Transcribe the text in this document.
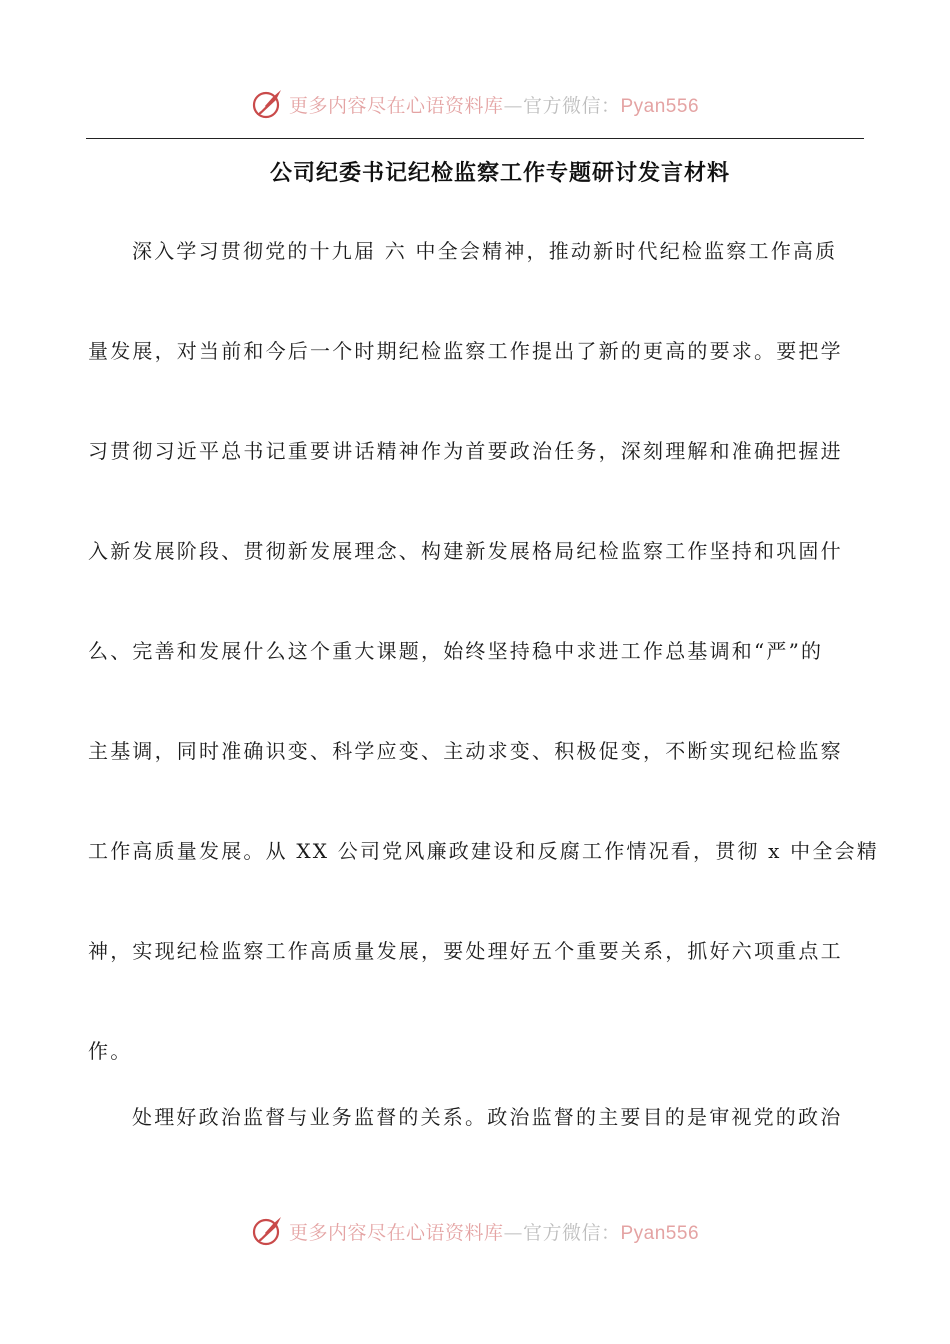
更多内容尽在心语资料库—官方微信：Pyan556
公司纪委书记纪检监察工作专题研讨发言材料
深入学习贯彻党的十九届 六 中全会精神，推动新时代纪检监察工作高质
量发展，对当前和今后一个时期纪检监察工作提出了新的更高的要求。要把学
习贯彻习近平总书记重要讲话精神作为首要政治任务，深刻理解和准确把握进
入新发展阶段、贯彻新发展理念、构建新发展格局纪检监察工作坚持和巩固什
么、完善和发展什么这个重大课题，始终坚持稳中求进工作总基调和“严”的
主基调，同时准确识变、科学应变、主动求变、积极促变，不断实现纪检监察
工作高质量发展。从 XX 公司党风廉政建设和反腐工作情况看，贯彻 x 中全会精
神，实现纪检监察工作高质量发展，要处理好五个重要关系，抓好六项重点工
作。
处理好政治监督与业务监督的关系。政治监督的主要目的是审视党的政治
更多内容尽在心语资料库—官方微信：Pyan556
